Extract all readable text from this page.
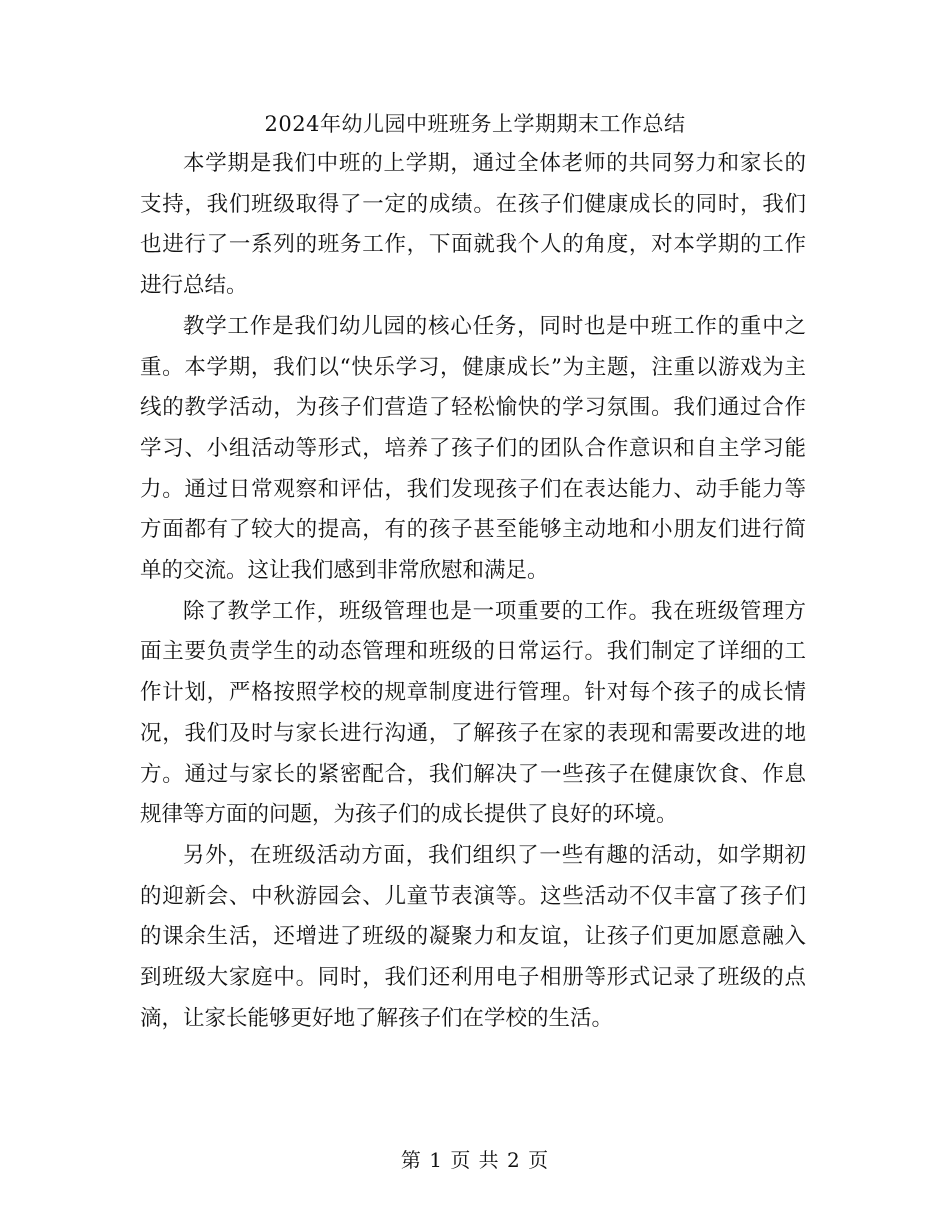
2024年幼儿园中班班务上学期期末工作总结

本学期是我们中班的上学期，通过全体老师的共同努力和家长的支持，我们班级取得了一定的成绩。在孩子们健康成长的同时，我们也进行了一系列的班务工作，下面就我个人的角度，对本学期的工作进行总结。

教学工作是我们幼儿园的核心任务，同时也是中班工作的重中之重。本学期，我们以“快乐学习，健康成长”为主题，注重以游戏为主线的教学活动，为孩子们营造了轻松愉快的学习氛围。我们通过合作学习、小组活动等形式，培养了孩子们的团队合作意识和自主学习能力。通过日常观察和评估，我们发现孩子们在表达能力、动手能力等方面都有了较大的提高，有的孩子甚至能够主动地和小朋友们进行简单的交流。这让我们感到非常欣慰和满足。

除了教学工作，班级管理也是一项重要的工作。我在班级管理方面主要负责学生的动态管理和班级的日常运行。我们制定了详细的工作计划，严格按照学校的规章制度进行管理。针对每个孩子的成长情况，我们及时与家长进行沟通，了解孩子在家的表现和需要改进的地方。通过与家长的紧密配合，我们解决了一些孩子在健康饮食、作息规律等方面的问题，为孩子们的成长提供了良好的环境。

另外，在班级活动方面，我们组织了一些有趣的活动，如学期初的迎新会、中秋游园会、儿童节表演等。这些活动不仅丰富了孩子们的课余生活，还增进了班级的凝聚力和友谊，让孩子们更加愿意融入到班级大家庭中。同时，我们还利用电子相册等形式记录了班级的点滴，让家长能够更好地了解孩子们在学校的生活。

第 1 页 共 2 页
